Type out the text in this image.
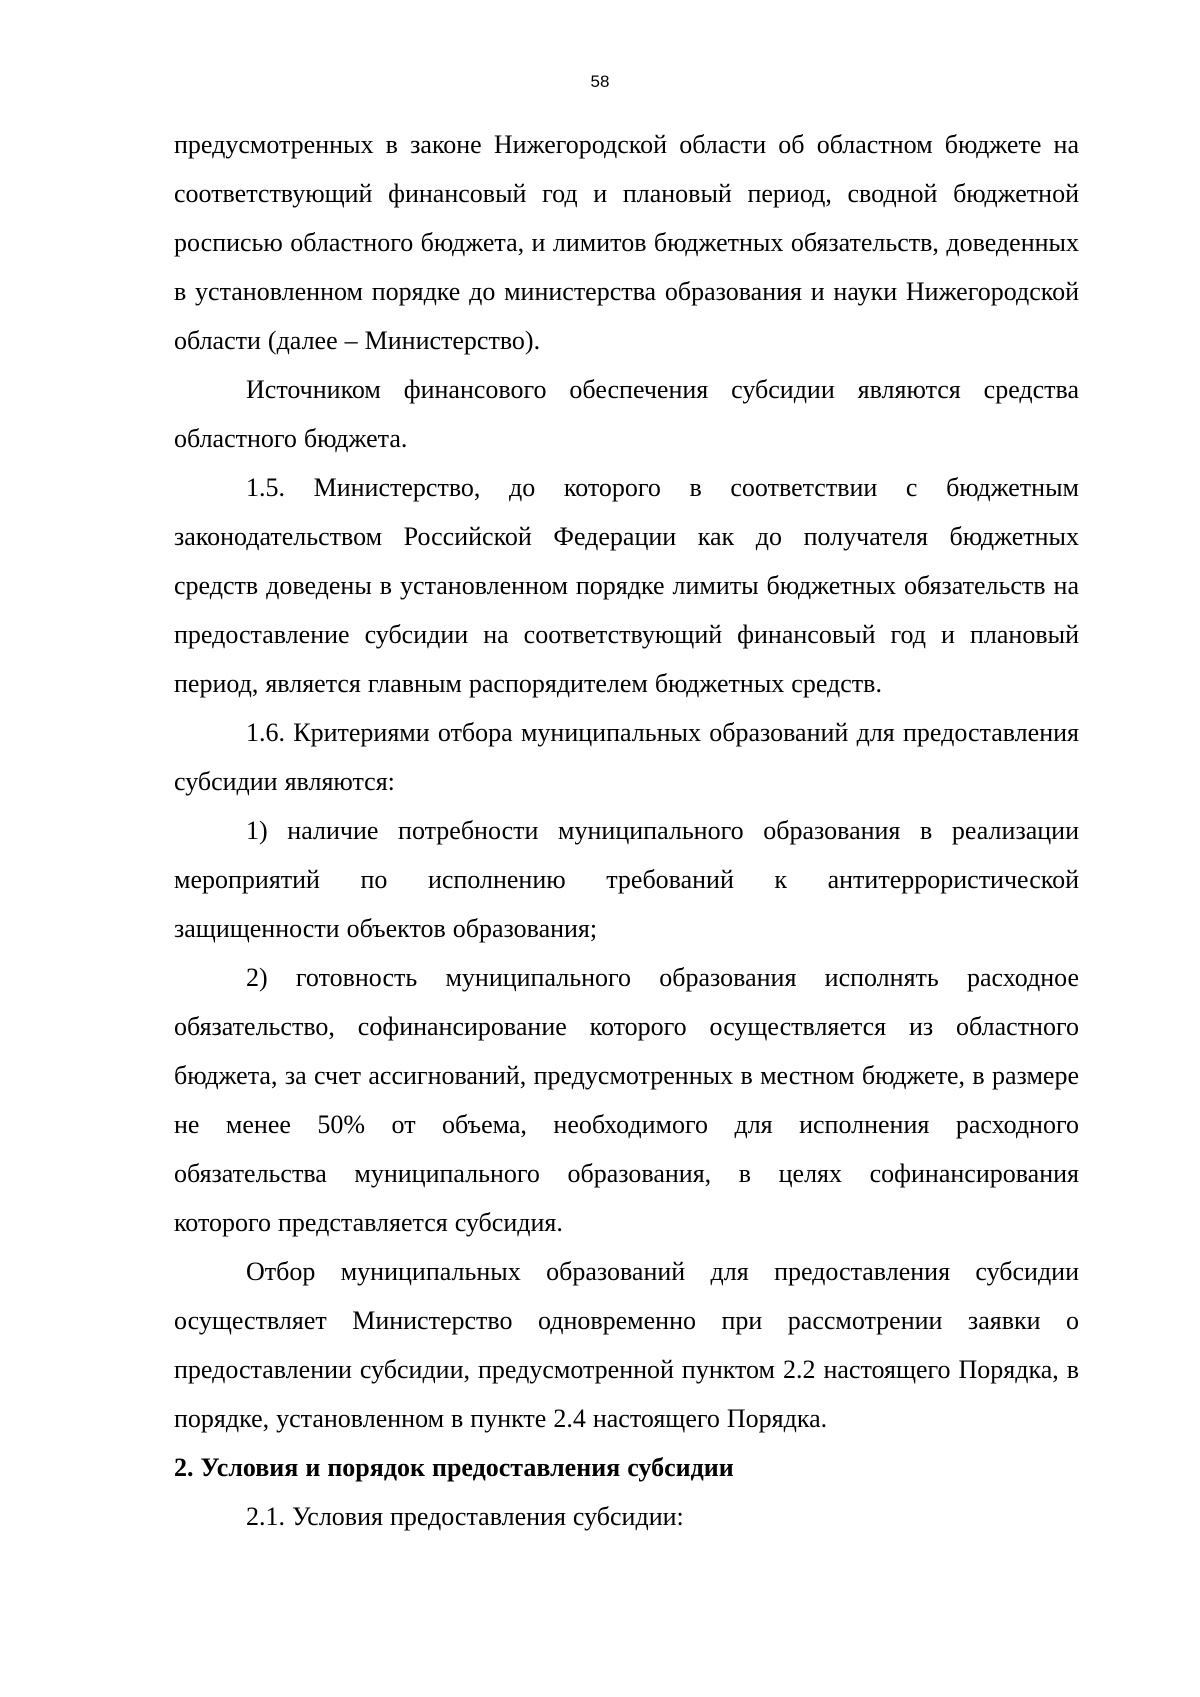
58

предусмотренных в законе Нижегородской области об областном бюджете на соответствующий финансовый год и плановый период, сводной бюджетной росписью областного бюджета, и лимитов бюджетных обязательств, доведенных в установленном порядке до министерства образования и науки Нижегородской области (далее – Министерство).

Источником финансового обеспечения субсидии являются средства областного бюджета.

1.5. Министерство, до которого в соответствии с бюджетным законодательством Российской Федерации как до получателя бюджетных средств доведены в установленном порядке лимиты бюджетных обязательств на предоставление субсидии на соответствующий финансовый год и плановый период, является главным распорядителем бюджетных средств.

1.6. Критериями отбора муниципальных образований для предоставления субсидии являются:

1) наличие потребности муниципального образования в реализации мероприятий по исполнению требований к антитеррористической защищенности объектов образования;

2) готовность муниципального образования исполнять расходное обязательство, софинансирование которого осуществляется из областного бюджета, за счет ассигнований, предусмотренных в местном бюджете, в размере не менее 50% от объема, необходимого для исполнения расходного обязательства муниципального образования, в целях софинансирования которого представляется субсидия.

Отбор муниципальных образований для предоставления субсидии осуществляет Министерство одновременно при рассмотрении заявки о предоставлении субсидии, предусмотренной пунктом 2.2 настоящего Порядка, в порядке, установленном в пункте 2.4 настоящего Порядка.

2. Условия и порядок предоставления субсидии

2.1. Условия предоставления субсидии:
